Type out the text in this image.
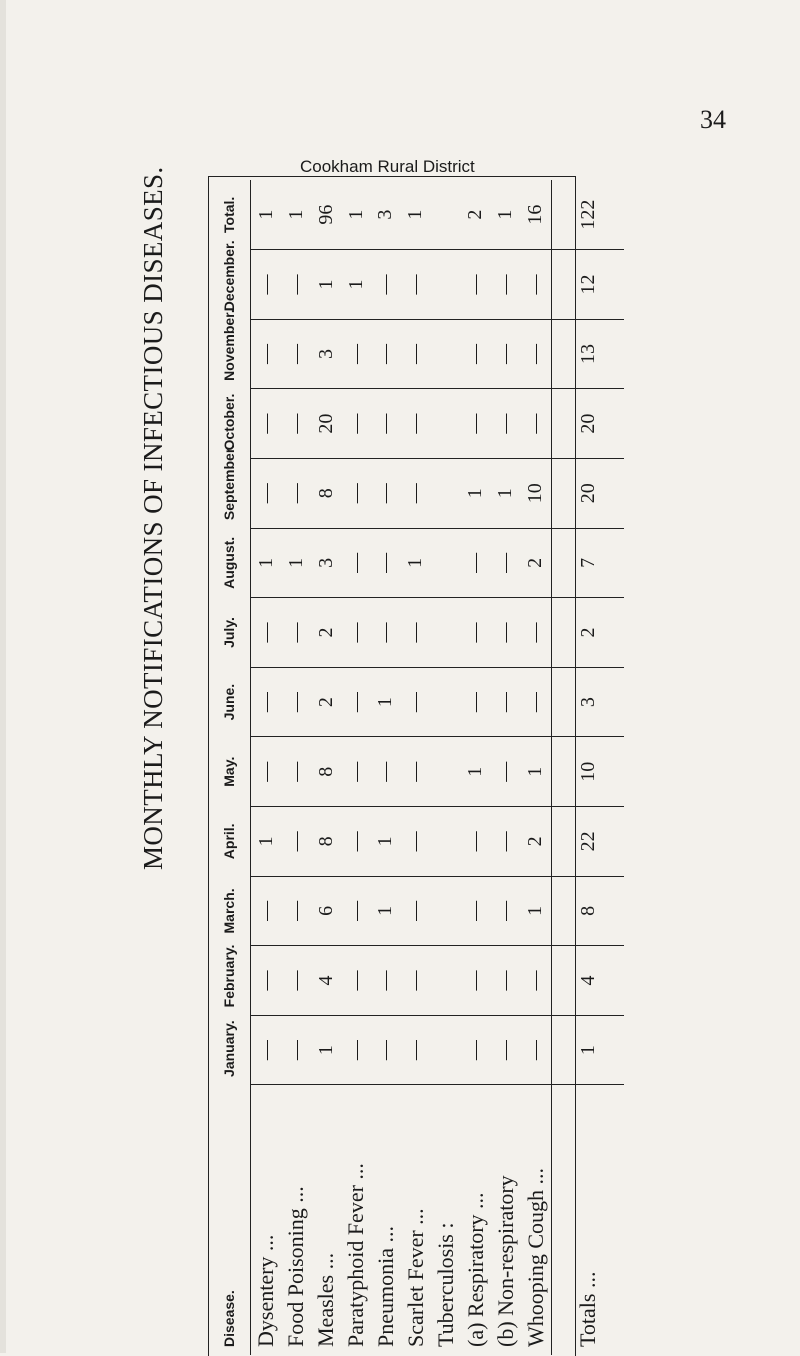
MONTHLY NOTIFICATIONS OF INFECTIOUS DISEASES.
34
Cookham Rural District
Disease.	January.	February.	March.	April.	May.	June.	July.	August.	September.	October.	November.	December.	Total.
Dysentery ...	—	—	—	1	—	—	—	1	—	—	—	—	1
Food Poisoning ...	—	—	—	—	—	—	—	1	—	—	—	—	1
Measles ...	1	4	6	8	8	2	2	3	8	20	3	1	96
Paratyphoid Fever ...	—	—	—	—	—	—	—	—	—	—	—	1	1
Pneumonia ...	—	—	1	1	—	1	—	—	—	—	—	—	3
Scarlet Fever ...	—	—	—	—	—	—	—	1	—	—	—	—	1
Tuberculosis :													
(a) Respiratory ...	—	—	—	—	1	—	—	—	1	—	—	—	2
(b) Non-respiratory	—	—	—	—	—	—	—	—	1	—	—	—	1
Whooping Cough ...	—	—	1	2	1	—	—	2	10	—	—	—	16
Totals ...	1	4	8	22	10	3	2	7	20	20	13	12	122
